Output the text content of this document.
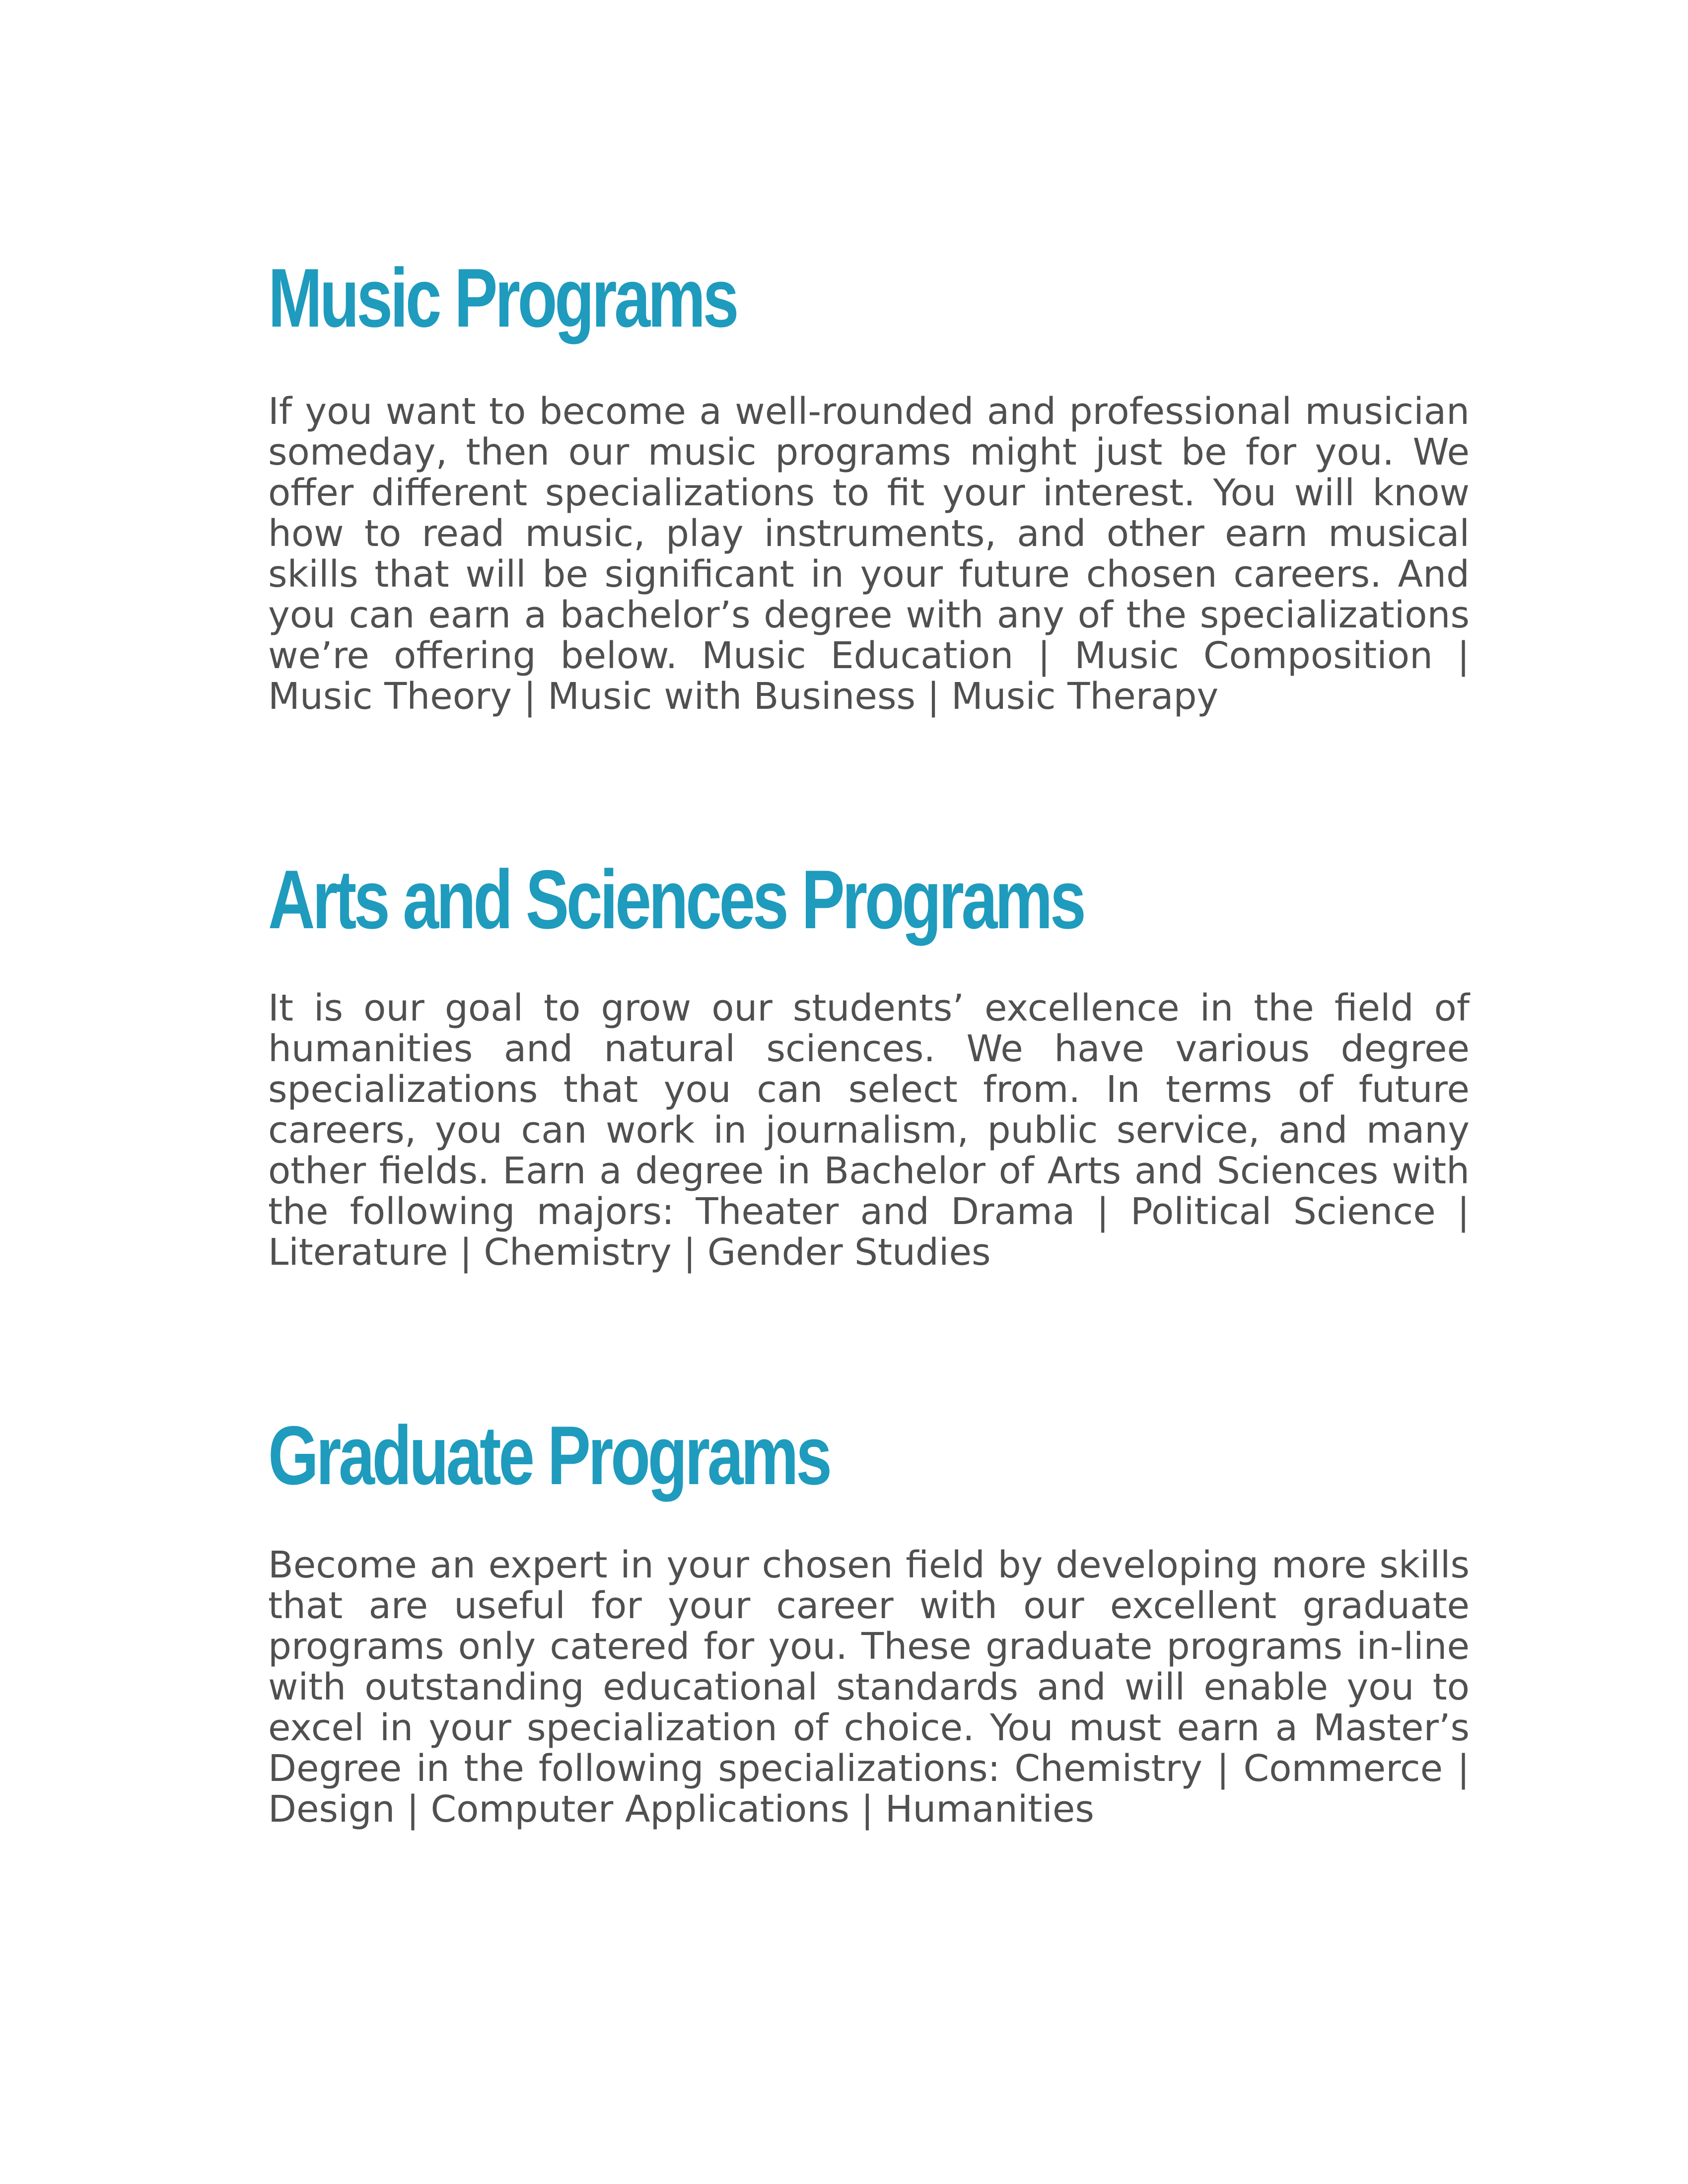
Music Programs

If you want to become a well-rounded and professional musician someday, then our music programs might just be for you. We offer different specializations to fit your interest. You will know how to read music, play instruments, and other earn musical skills that will be significant in your future chosen careers. And you can earn a bachelor’s degree with any of the specializations we’re offering below. Music Education | Music Composition | Music Theory | Music with Business | Music Therapy

Arts and Sciences Programs

It is our goal to grow our students’ excellence in the field of humanities and natural sciences. We have various degree specializations that you can select from. In terms of future careers, you can work in journalism, public service, and many other fields. Earn a degree in Bachelor of Arts and Sciences with the following majors: Theater and Drama | Political Science | Literature | Chemistry | Gender Studies

Graduate Programs

Become an expert in your chosen field by developing more skills that are useful for your career with our excellent graduate programs only catered for you. These graduate programs in-line with outstanding educational standards and will enable you to excel in your specialization of choice. You must earn a Master’s Degree in the following specializations: Chemistry | Commerce | Design | Computer Applications | Humanities
